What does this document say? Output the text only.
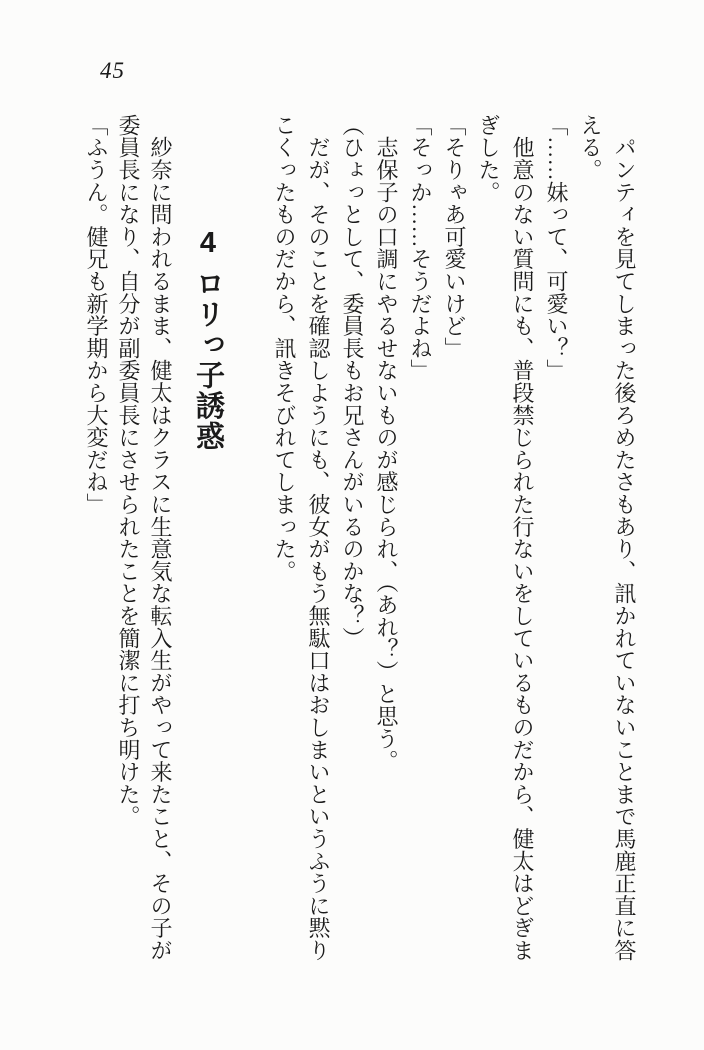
45

　パンティを見てしまった後ろめたさもあり、訊かれていないことまで馬鹿正直に答

える。

「……妹って、可愛い？」

　他意のない質問にも、普段禁じられた行ないをしているものだから、健太はどぎま

ぎした。

「そりゃあ可愛いけど」

「そっか……そうだよね」

　志保子の口調にやるせないものが感じられ、（あれ？）と思う。

（ひょっとして、委員長もお兄さんがいるのかな？）

　だが、そのことを確認しようにも、彼女がもう無駄口はおしまいというふうに黙り

こくったものだから、訊きそびれてしまった。

4ロリっ子誘惑

　紗奈に問われるまま、健太はクラスに生意気な転入生がやって来たこと、その子が

委員長になり、自分が副委員長にさせられたことを簡潔に打ち明けた。

「ふうん。健兄も新学期から大変だね」
